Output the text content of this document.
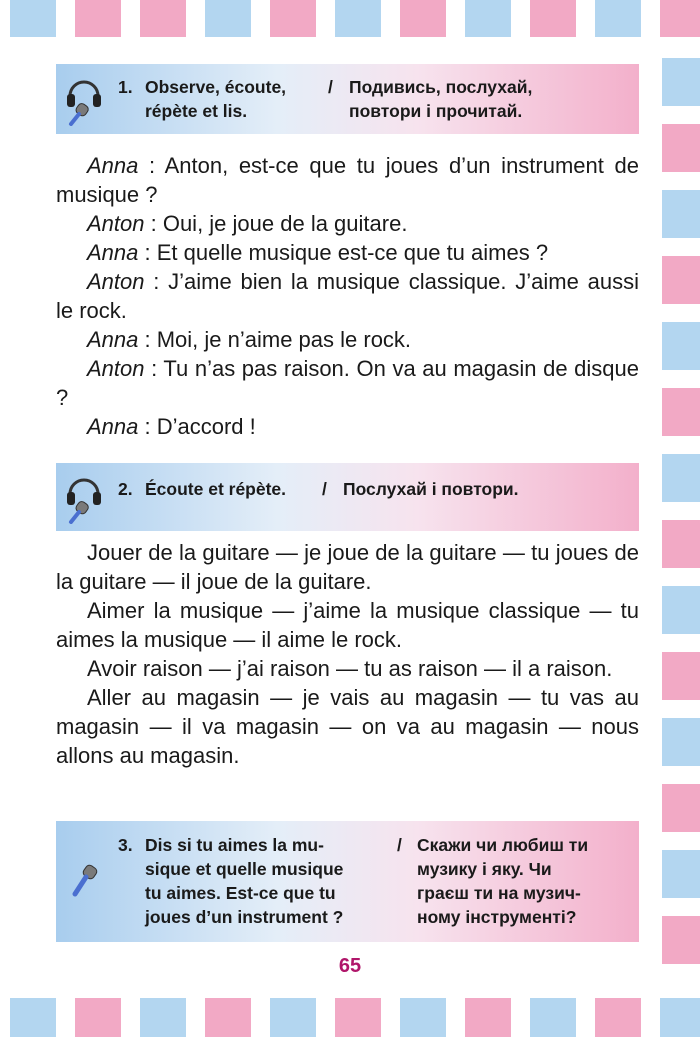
1. Observe, écoute,
répète et lis.
/ Подивись, послухай,
повтори і прочитай.

Anna : Anton, est-ce que tu joues d’un instrument de musique ?

Anton : Oui, je joue de la guitare.

Anna : Et quelle musique est-ce que tu aimes ?

Anton : J’aime bien la musique classique. J’aime aussi le rock.

Anna : Moi, je n’aime pas le rock.

Anton : Tu n’as pas raison. On va au magasin de disque ?

Anna : D’accord !

2. Écoute et répète. / Послухай і повтори.

Jouer de la guitare — je joue de la guitare — tu joues de la guitare — il joue de la guitare.

Aimer la musique — j’aime la musique classique — tu aimes la musique — il aime le rock.

Avoir raison — j’ai raison — tu as raison — il a raison.

Aller au magasin — je vais au magasin — tu vas au magasin — il va magasin — on va au magasin — nous allons au magasin.

3. Dis si tu aimes la mu-
sique et quelle musique
tu aimes. Est-ce que tu
joues d’un instrument ?
/ Скажи чи любиш ти
музику і яку. Чи
граєш ти на музич-
ному інструменті?
65
